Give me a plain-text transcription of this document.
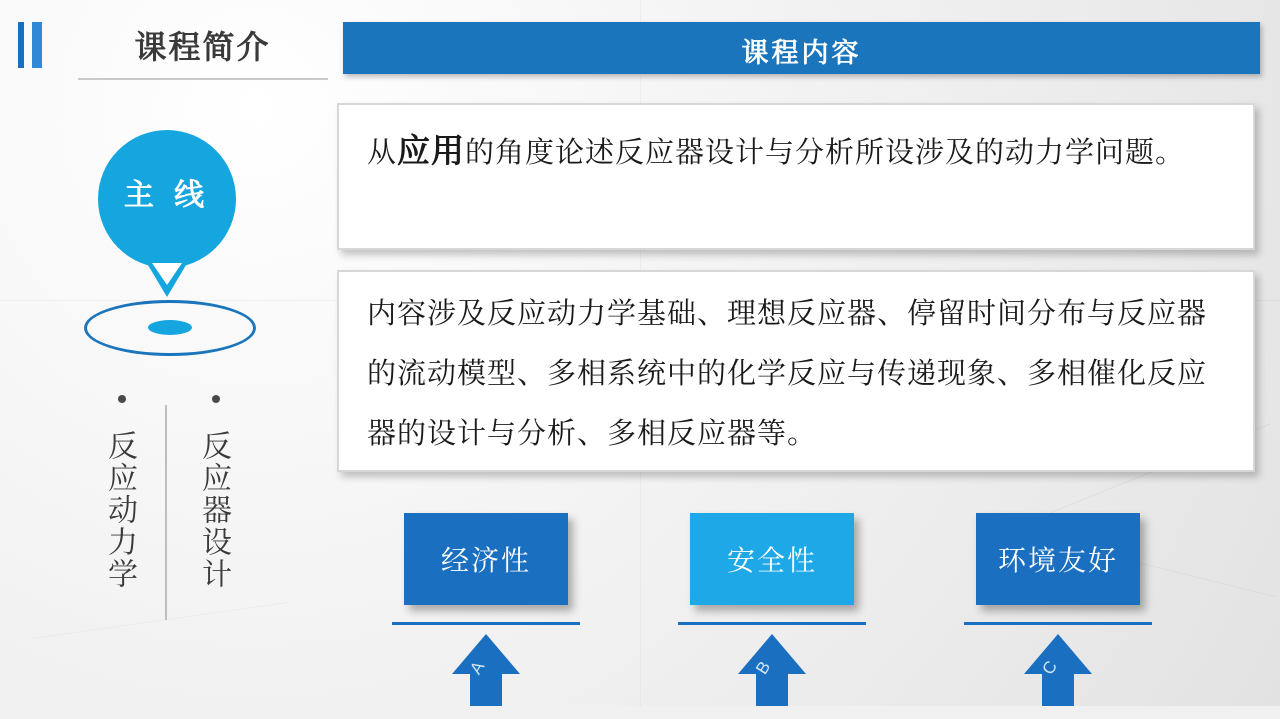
课程简介	课程内容
从应用的角度论述反应器设计与分析所设涉及的动力学问题。
内容涉及反应动力学基础、理想反应器、停留时间分布与反应器的流动模型、多相系统中的化学反应与传递现象、多相催化反应器的设计与分析、多相反应器等。
主 线
反应动力学 反应器设计	经济性
A
安全性
B
环境友好
C
